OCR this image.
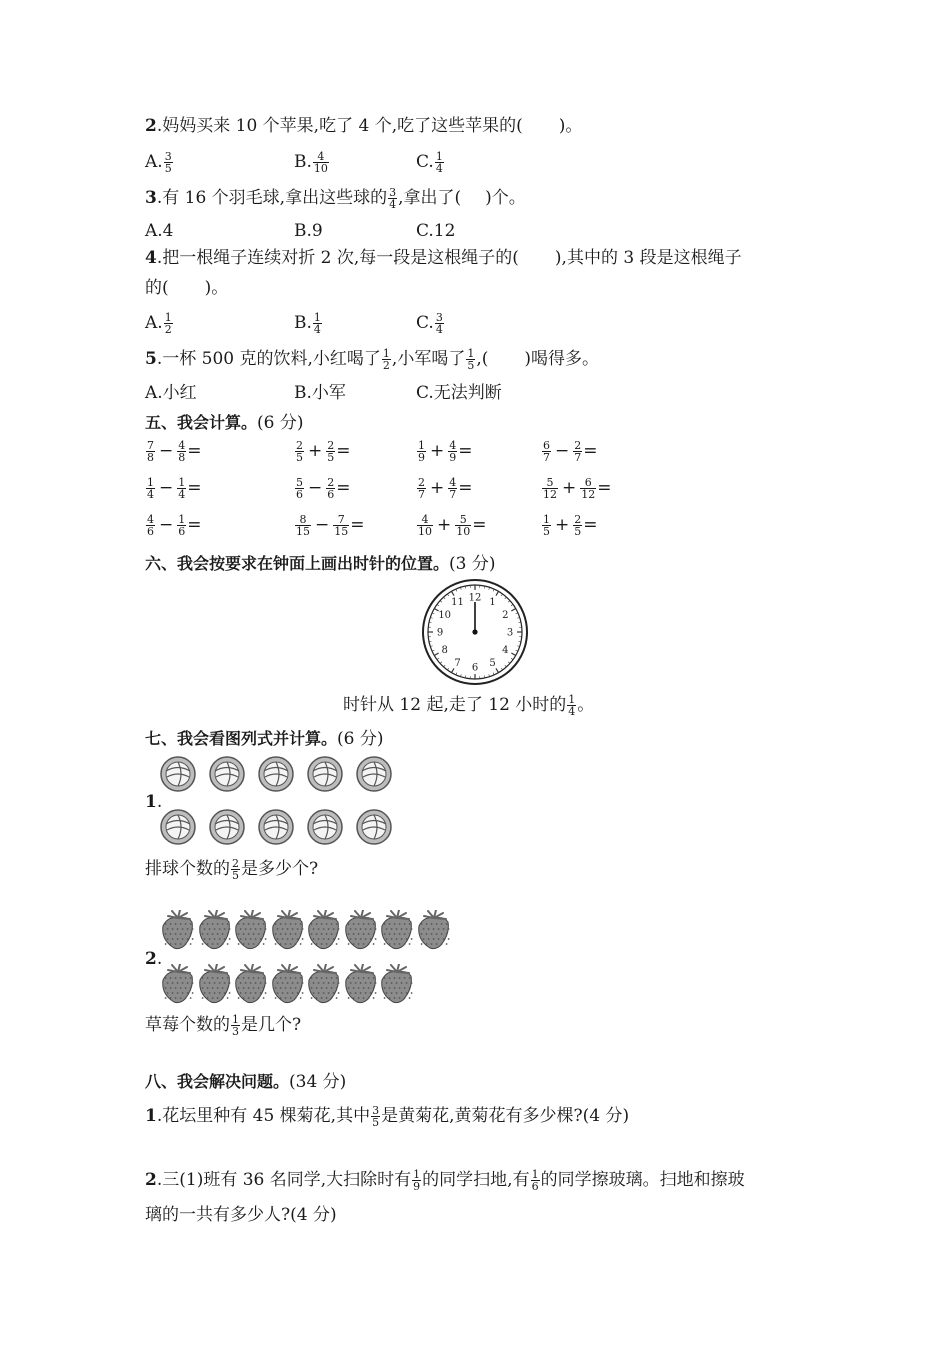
2.妈妈买来 10 个苹果,吃了 4 个,吃了这些苹果的( )。
A. $\frac{3}{5}$	B. $\frac{4}{10}$	C. $\frac{1}{4}$
3.有 16 个羽毛球,拿出这些球的 $\frac{3}{4}$ ,拿出了( )个。
A.4	B.9	C.12
4.把一根绳子连续对折 2 次,每一段是这根绳子的( ),其中的 3 段是这根绳子
的( )。
A. $\frac{1}{2}$	B. $\frac{1}{4}$	C. $\frac{3}{4}$
5.一杯 500 克的饮料,小红喝了 $\frac{1}{2}$ ,小军喝了 $\frac{1}{5}$ ,( )喝得多。
A.小红	B.小军	C.无法判断
五、我会计算。(6 分)
$\frac{7}{8} - \frac{4}{8}$ =	$\frac{2}{5} + \frac{2}{5}$ =	$\frac{1}{9} + \frac{4}{9}$ =	$\frac{6}{7} - \frac{2}{7}$ =
$\frac{1}{4} - \frac{1}{4}$ =	$\frac{5}{6} - \frac{2}{6}$ =	$\frac{2}{7} + \frac{4}{7}$ =	$\frac{5}{12} + \frac{6}{12}$ =
$\frac{4}{6} - \frac{1}{6}$ =	$\frac{8}{15} - \frac{7}{15}$ =	$\frac{4}{10} + \frac{5}{10}$ =	$\frac{1}{5} + \frac{2}{5}$ =
六、我会按要求在钟面上画出时针的位置。(3 分)
12 1
2
3
4
5
6
7
8
9
10
11
时针从 12 起,走了 12 小时的 $\frac{1}{4}$ 。
七、我会看图列式并计算。(6 分)
1.
排球个数的 $\frac{2}{5}$ 是多少个?
2.
草莓个数的 $\frac{1}{3}$ 是几个?
八、我会解决问题。(34 分)
1.花坛里种有 45 棵菊花,其中 $\frac{3}{5}$ 是黄菊花,黄菊花有多少棵?(4 分)
2.三(1)班有 36 名同学,大扫除时有 $\frac{1}{9}$ 的同学扫地,有 $\frac{1}{6}$ 的同学擦玻璃。扫地和擦玻
璃的一共有多少人?(4 分)
